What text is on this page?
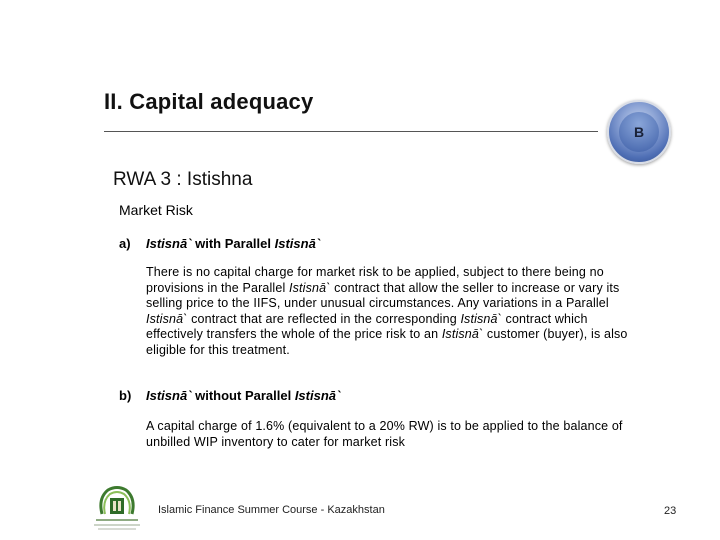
II. Capital adequacy
B
RWA 3 : Istishna
Market Risk
a) Istisnā` with Parallel Istisnā`
There is no capital charge for market risk to be applied, subject to there being no provisions in the Parallel Istisnā` contract that allow the seller to increase or vary its selling price to the IIFS, under unusual circumstances. Any variations in a Parallel Istisnā` contract that are reflected in the corresponding Istisnā` contract which effectively transfers the whole of the price risk to an Istisnā` customer (buyer), is also eligible for this treatment.
b) Istisnā` without Parallel Istisnā`
A capital charge of 1.6% (equivalent to a 20% RW) is to be applied to the balance of unbilled WIP inventory to cater for market risk
Islamic Finance Summer Course - Kazakhstan	23
